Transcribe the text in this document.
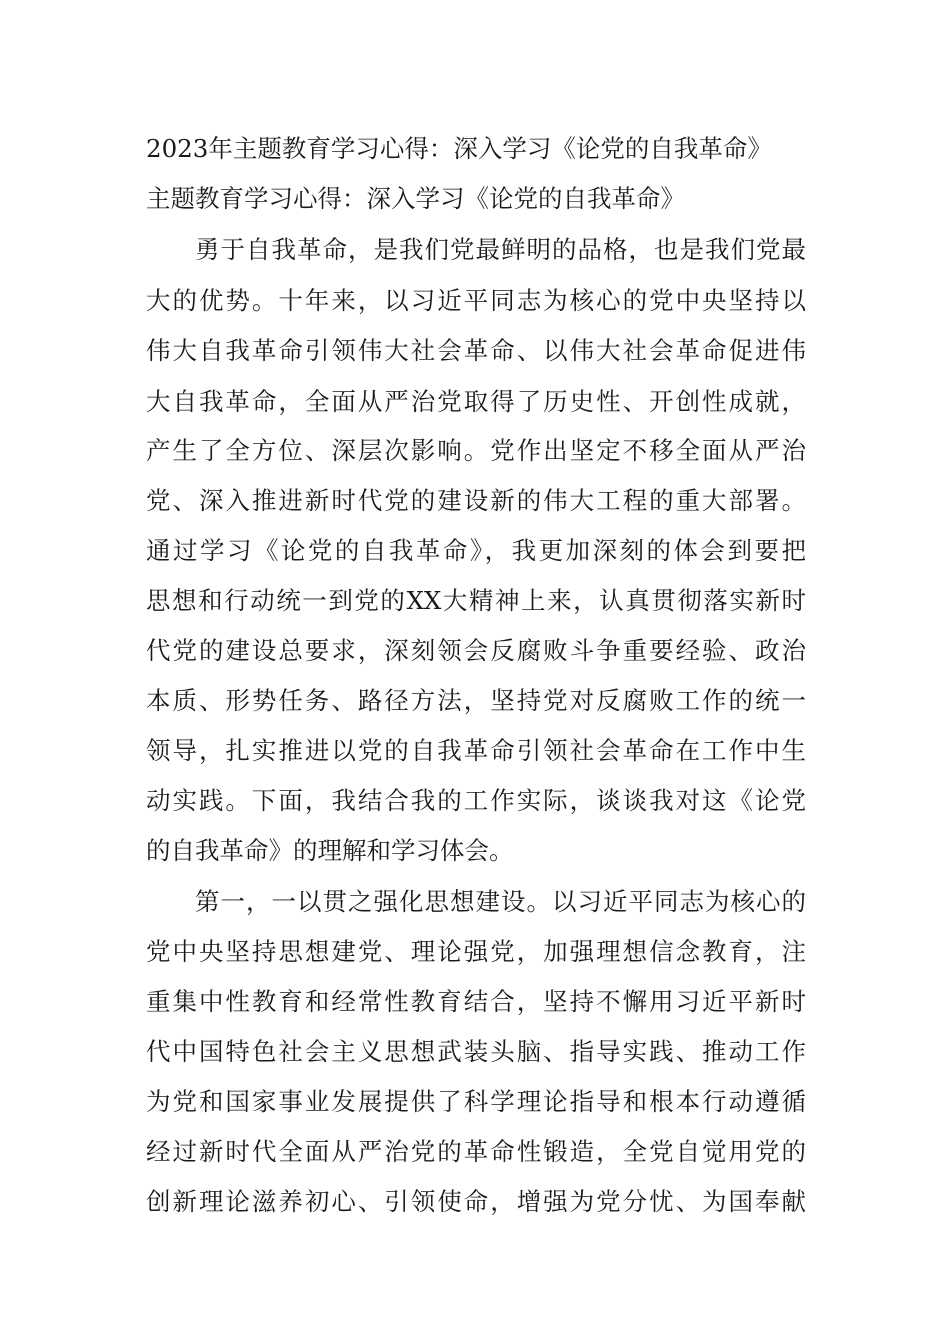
2023年主题教育学习心得：深入学习《论党的自我革命》
主题教育学习心得：深入学习《论党的自我革命》
勇于自我革命，是我们党最鲜明的品格，也是我们党最
大的优势。十年来，以习近平同志为核心的党中央坚持以
伟大自我革命引领伟大社会革命、以伟大社会革命促进伟
大自我革命，全面从严治党取得了历史性、开创性成就，
产生了全方位、深层次影响。党作出坚定不移全面从严治
党、深入推进新时代党的建设新的伟大工程的重大部署。
通过学习《论党的自我革命》，我更加深刻的体会到要把
思想和行动统一到党的XX大精神上来，认真贯彻落实新时
代党的建设总要求，深刻领会反腐败斗争重要经验、政治
本质、形势任务、路径方法，坚持党对反腐败工作的统一
领导，扎实推进以党的自我革命引领社会革命在工作中生
动实践。下面，我结合我的工作实际，谈谈我对这《论党
的自我革命》的理解和学习体会。
第一，一以贯之强化思想建设。以习近平同志为核心的
党中央坚持思想建党、理论强党，加强理想信念教育，注
重集中性教育和经常性教育结合，坚持不懈用习近平新时
代中国特色社会主义思想武装头脑、指导实践、推动工作
为党和国家事业发展提供了科学理论指导和根本行动遵循
经过新时代全面从严治党的革命性锻造，全党自觉用党的
创新理论滋养初心、引领使命，增强为党分忧、为国奉献
